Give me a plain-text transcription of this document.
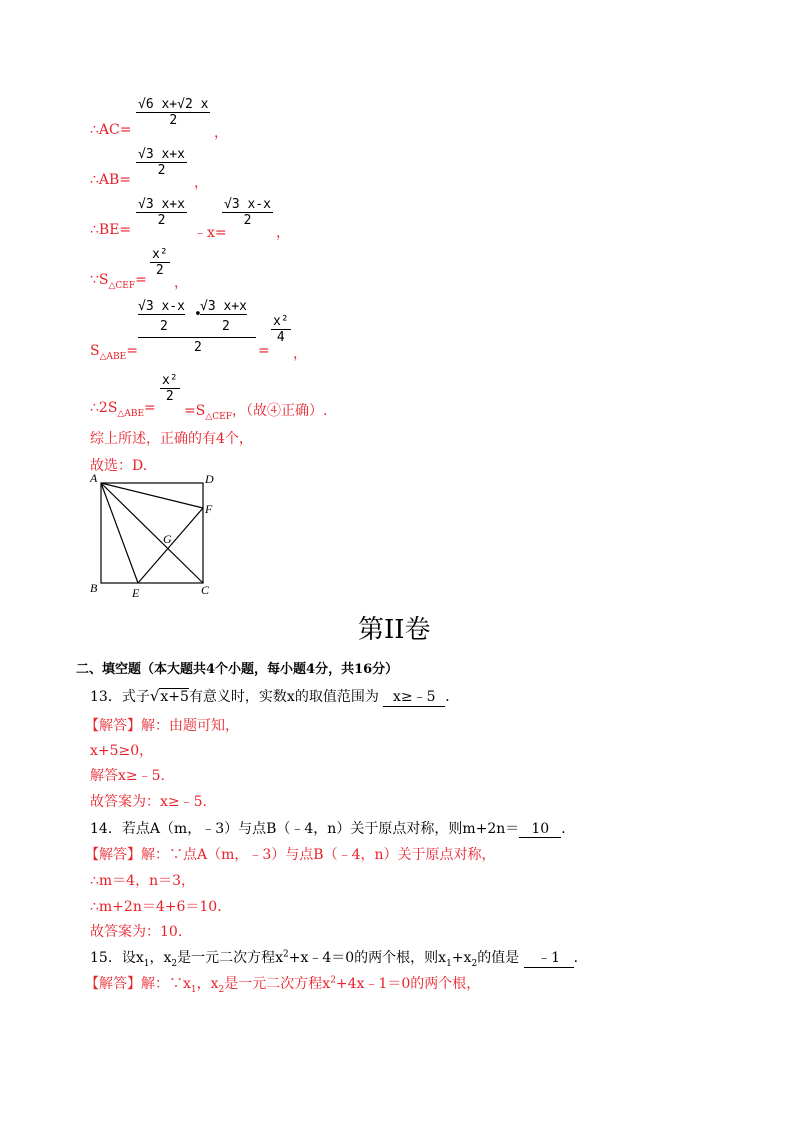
$\frac{√6 x+√2 x}{2}$
∴AC=	，
$\frac{√3 x+x}{2}$
∴AB=	，
$\frac{√3 x+x}{2}$
∴BE=	﹣x=
$\frac{√3 x-x}{2}$
，
$\because S_{\triangle CEF}=$
$\frac{\text{x²}}{2}$
，
√3 x-x
•
√3 x+x
2	2
2
$S_{\triangle ABE}=$	=
$\frac{\text{x²}}{4}$
，
$\therefore 2S_{\triangle ABE}=$
$\frac{\text{x²}}{2}$
$=S_{\triangle CEF}$，（故④正确）.
综上所述，正确的有4个，
故选：D.
A	D
F
G
B	E	C
第II卷
二、填空题（本大题共4个小题，每小题4分，共16分）
13．式子√x+5有意义时，实数x的取值范围为 x≥﹣5 ．
【解答】解：由题可知，
x+5≥0，
解答x≥﹣5.
故答案为：x≥﹣5.
14．若点A（m，﹣3）与点B（﹣4，n）关于原点对称，则m+2n＝ 10 ．
【解答】解：∵点A（m，﹣3）与点B（﹣4，n）关于原点对称，
∴m＝4，n＝3，
∴m+2n＝4+6＝10.
故答案为：10.
15．设$x_1$，$x_2$是一元二次方程$x^2+x﹣4=0$的两个根，则$x_1+x_2$的值是 ﹣1 ．
【解答】解：$\because x_1$，$x_2$是一元二次方程$x^2+4x﹣1=0$的两个根，
